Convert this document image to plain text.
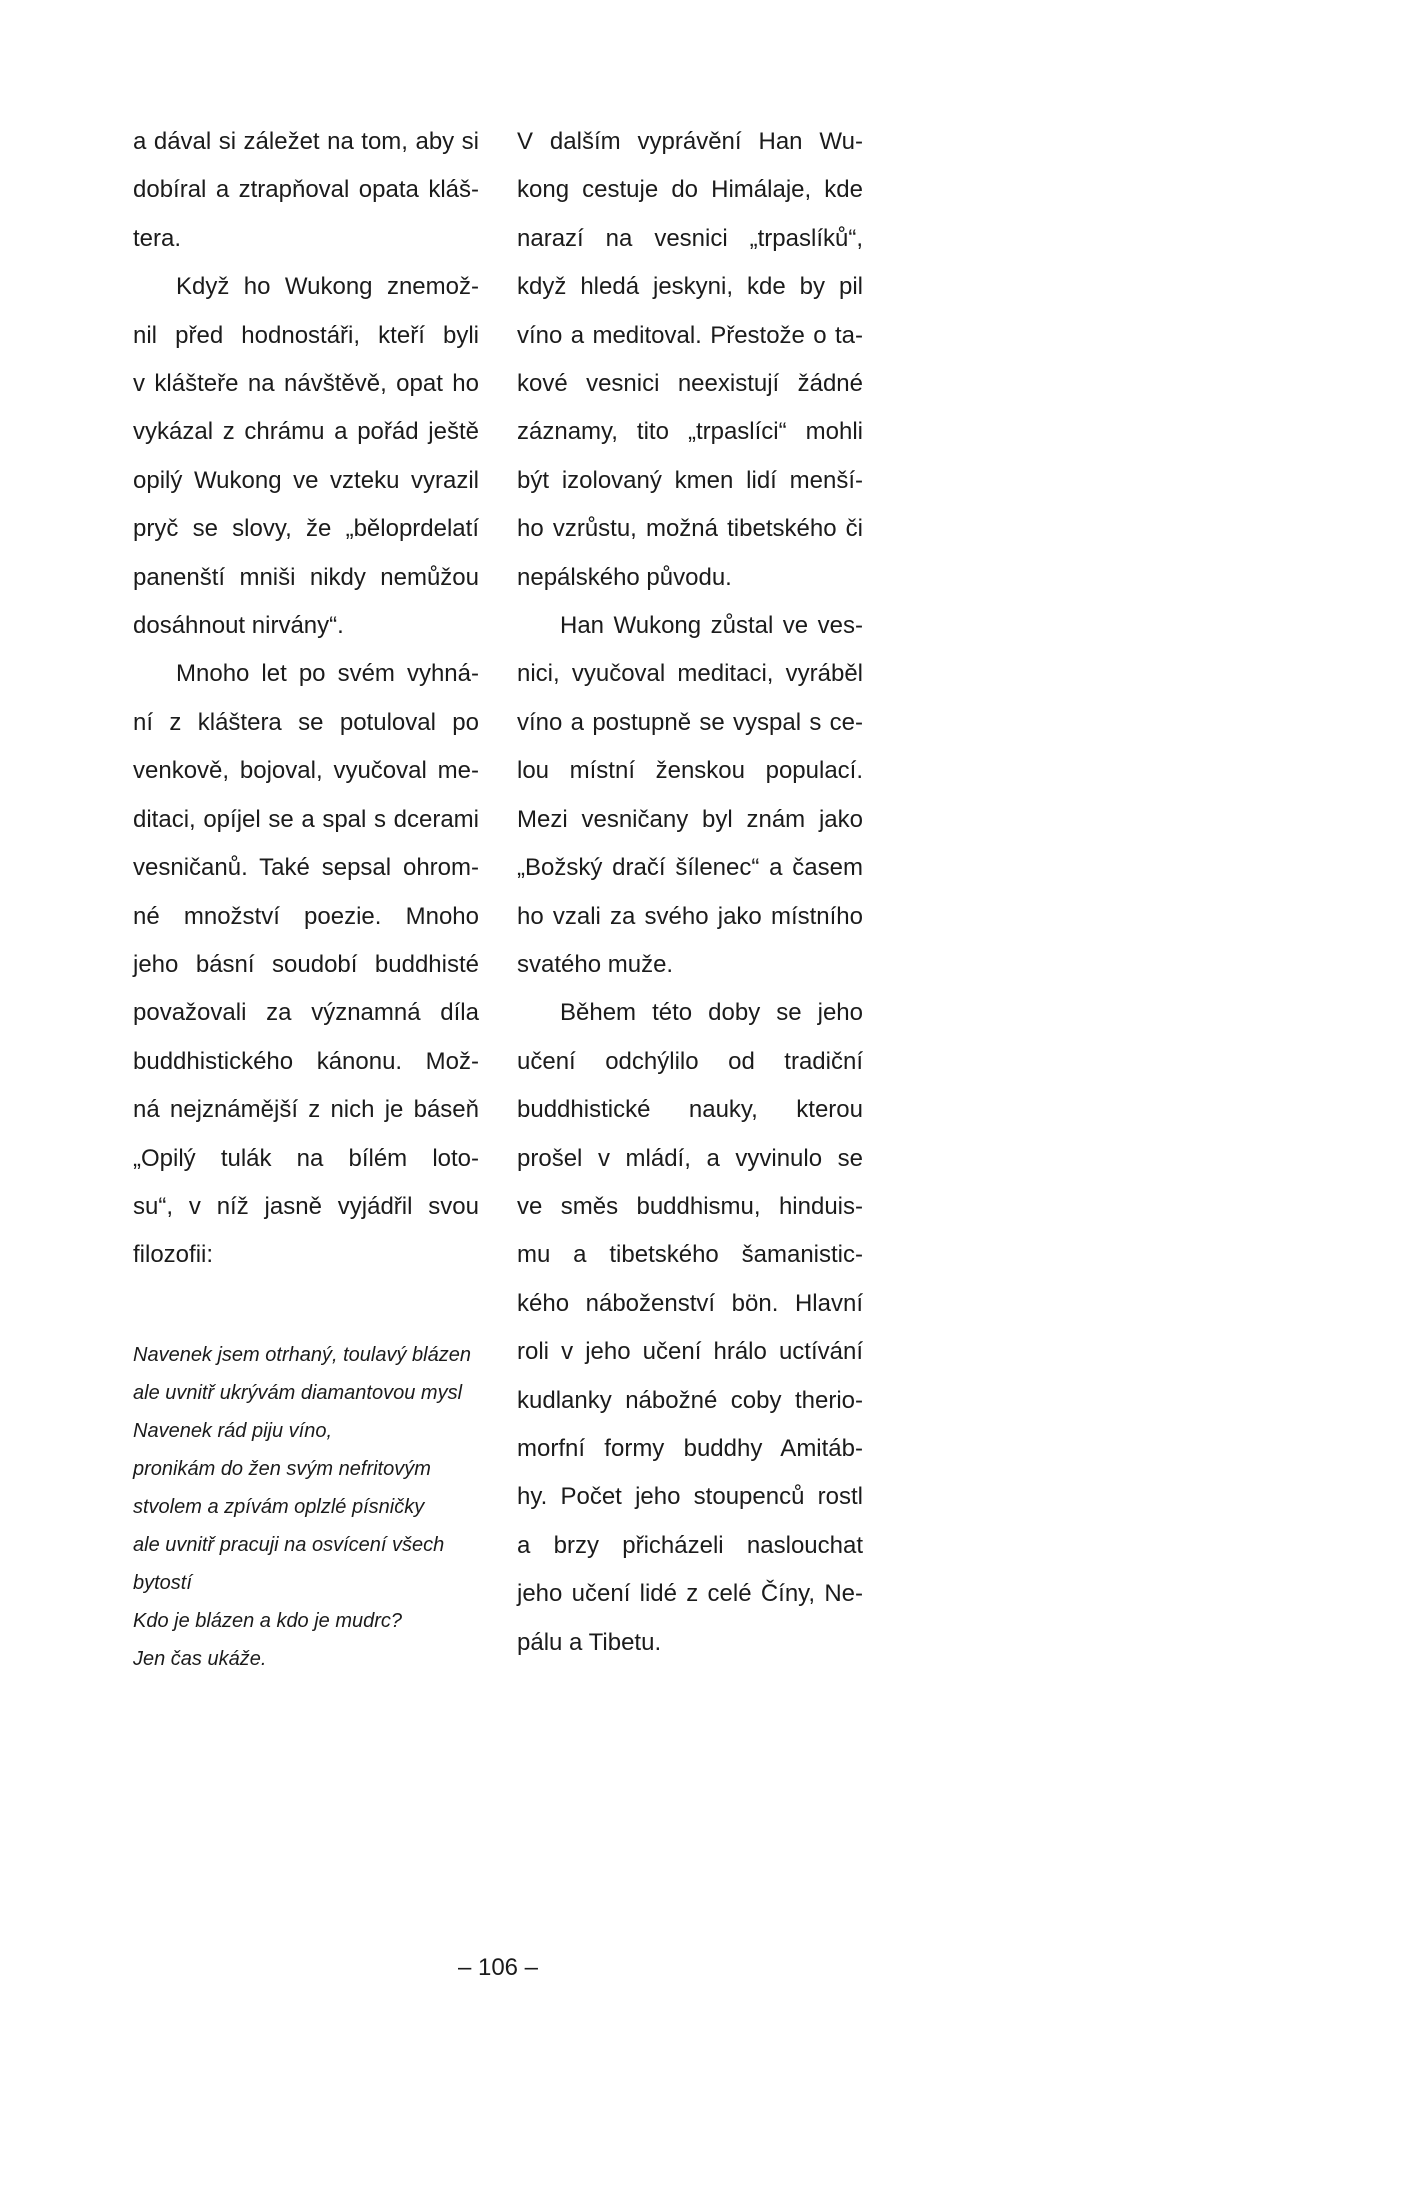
a dával si záležet na tom, aby si
dobíral a ztrapňoval opata kláš-
tera.
Když ho Wukong znemož-
nil před hodnostáři, kteří byli
v klášteře na návštěvě, opat ho
vykázal z chrámu a pořád ještě
opilý Wukong ve vzteku vyrazil
pryč se slovy, že „běloprdelatí
panenští mniši nikdy nemůžou
dosáhnout nirvány“.
Mnoho let po svém vyhná-
ní z kláštera se potuloval po
venkově, bojoval, vyučoval me-
ditaci, opíjel se a spal s dcerami
vesničanů. Také sepsal ohrom-
né množství poezie. Mnoho
jeho básní soudobí buddhisté
považovali za významná díla
buddhistického kánonu. Mož-
ná nejznámější z nich je báseň
„Opilý tulák na bílém loto-
su“, v níž jasně vyjádřil svou
filozofii:
Navenek jsem otrhaný, toulavý blázen
ale uvnitř ukrývám diamantovou mysl
Navenek rád piju víno,
pronikám do žen svým nefritovým
stvolem a zpívám oplzlé písničky
ale uvnitř pracuji na osvícení všech
bytostí
Kdo je blázen a kdo je mudrc?
Jen čas ukáže.
V dalším vyprávění Han Wu-
kong cestuje do Himálaje, kde
narazí na vesnici „trpaslíků“,
když hledá jeskyni, kde by pil
víno a meditoval. Přestože o ta-
kové vesnici neexistují žádné
záznamy, tito „trpaslíci“ mohli
být izolovaný kmen lidí menší-
ho vzrůstu, možná tibetského či
nepálského původu.
Han Wukong zůstal ve ves-
nici, vyučoval meditaci, vyráběl
víno a postupně se vyspal s ce-
lou místní ženskou populací.
Mezi vesničany byl znám jako
„Božský dračí šílenec“ a časem
ho vzali za svého jako místního
svatého muže.
Během této doby se jeho
učení odchýlilo od tradiční
buddhistické nauky, kterou
prošel v mládí, a vyvinulo se
ve směs buddhismu, hinduis-
mu a tibetského šamanistic-
kého náboženství bön. Hlavní
roli v jeho učení hrálo uctívání
kudlanky nábožné coby therio-
morfní formy buddhy Amitáb-
hy. Počet jeho stoupenců rostl
a brzy přicházeli naslouchat
jeho učení lidé z celé Číny, Ne-
pálu a Tibetu.
– 106 –
